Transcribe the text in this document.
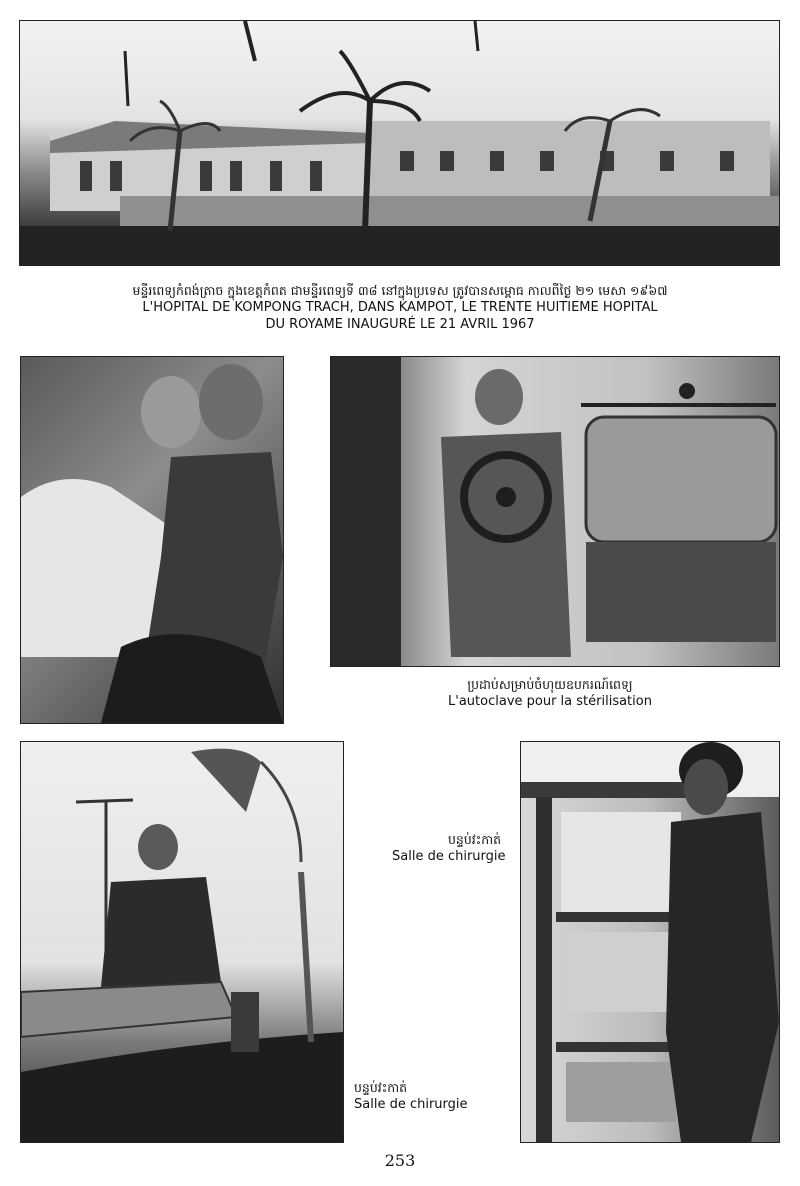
មន្ទីរពេទ្យកំពង់ត្រាច ក្នុងខេត្តកំពត ជាមន្ទីរពេទ្យទី ៣៨ នៅក្នុងប្រទេស ត្រូវបានសម្ពោធ កាលពីថ្ងៃ ២១ មេសា ១៩៦៧
L'HOPITAL DE KOMPONG TRACH, DANS KAMPOT, LE TRENTE HUITIEME HOPITAL
DU ROYAME INAUGURÉ LE 21 AVRIL 1967
ប្រដាប់សម្រាប់ចំហុយឧបករណ៍ពេទ្យ
L'autoclave pour la stérilisation
បន្ទប់វះកាត់
Salle de chirurgie
បន្ទប់វះកាត់
Salle de chirurgie
253
